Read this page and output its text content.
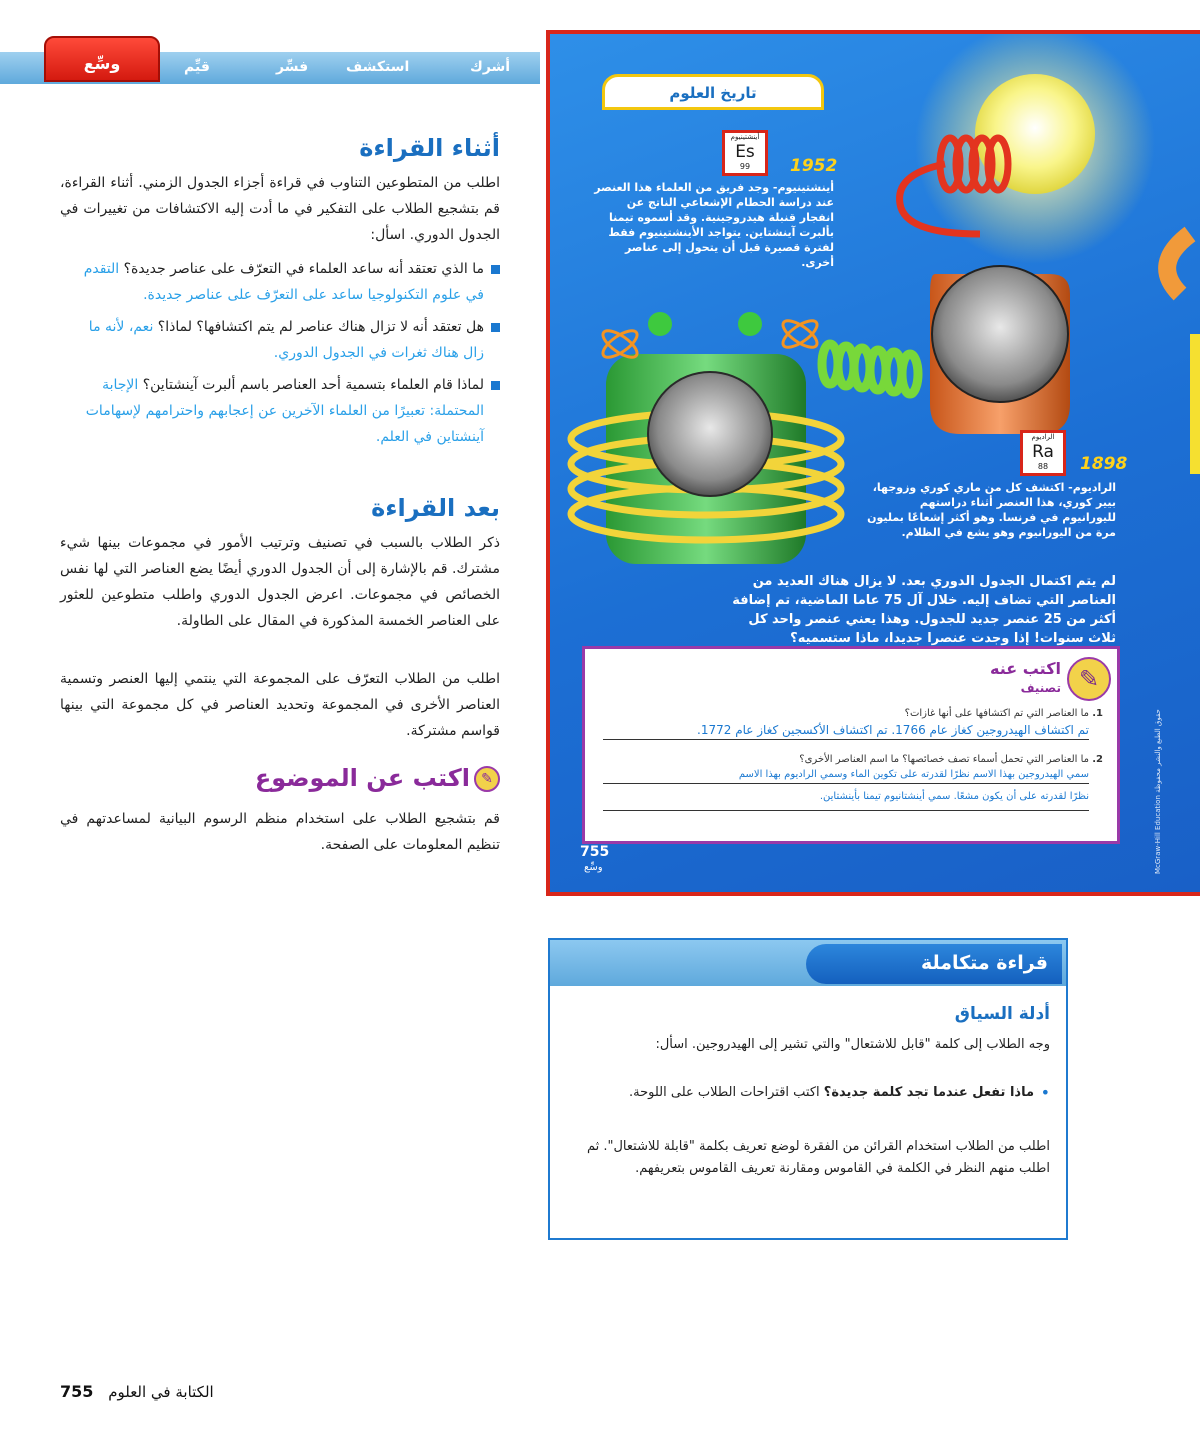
أشرك
استكشف
فسِّر
قيِّم
وسِّع
أثناء القراءة
اطلب من المتطوعين التناوب في قراءة أجزاء الجدول الزمني. أثناء القراءة، قم بتشجيع الطلاب على التفكير في ما أدت إليه الاكتشافات من تغييرات في الجدول الدوري. اسأل:
ما الذي تعتقد أنه ساعد العلماء في التعرّف على عناصر جديدة؟ التقدم في علوم التكنولوجيا ساعد على التعرّف على عناصر جديدة.
هل تعتقد أنه لا تزال هناك عناصر لم يتم اكتشافها؟ لماذا؟ نعم، لأنه ما زال هناك ثغرات في الجدول الدوري.
لماذا قام العلماء بتسمية أحد العناصر باسم ألبرت آينشتاين؟ الإجابة المحتملة: تعبيرًا من العلماء الآخرين عن إعجابهم واحترامهم لإسهامات آينشتاين في العلم.
بعد القراءة
ذكر الطلاب بالسبب في تصنيف وترتيب الأمور في مجموعات بينها شيء مشترك. قم بالإشارة إلى أن الجدول الدوري أيضًا يضع العناصر التي لها نفس الخصائص في مجموعات. اعرض الجدول الدوري واطلب متطوعين للعثور على العناصر الخمسة المذكورة في المقال على الطاولة.
اطلب من الطلاب التعرّف على المجموعة التي ينتمي إليها العنصر وتسمية العناصر الأخرى في المجموعة وتحديد العناصر في كل مجموعة التي بينها قواسم مشتركة.
✎اكتب عن الموضوع
قم بتشجيع الطلاب على استخدام منظم الرسوم البيانية لمساعدتهم في تنظيم المعلومات على الصفحة.
تاريخ العلوم
أينشتينيوم
Es
99	1952
أينشتينيوم- وجد فريق من العلماء هذا العنصر عند دراسة الحطام الإشعاعي الناتج عن انفجار قنبلة هيدروجينية. وقد أسموه تيمنا بألبرت آينشتاين. يتواجد الأينشتينيوم فقط لفترة قصيرة قبل أن يتحول إلى عناصر أخرى.
الراديوم
Ra
88	1898
الراديوم- اكتشف كل من ماري كوري وزوجها، بيير كوري، هذا العنصر أثناء دراستهم لليورانيوم في فرنسا. وهو أكثر إشعاعًا بمليون مرة من اليورانيوم وهو يشع في الظلام.
لم يتم اكتمال الجدول الدوري بعد. لا يزال هناك العديد من العناصر التي تضاف إليه. خلال آل 75 عاما الماضية، تم إضافة أكثر من 25 عنصر جديد للجدول. وهذا يعني عنصر واحد كل ثلاث سنوات! إذا وجدت عنصرا جديدا، ماذا ستسميه؟
✎
اكتب عنه
تصنيف
1. ما العناصر التي تم اكتشافها على أنها غازات؟
تم اكتشاف الهيدروجين كغاز عام 1766. تم اكتشاف الأكسجين كغاز عام 1772.
2. ما العناصر التي تحمل أسماء تصف خصائصها؟ ما اسم العناصر الأخرى؟
سمي الهيدروجين بهذا الاسم نظرًا لقدرته على تكوين الماء وسمي الراديوم بهذا الاسم
نظرًا لقدرته على أن يكون مشعًا. سمي أينشتانيوم تيمنا بأينشتاين.
755
وسِّع	McGraw-Hill Education حقوق الطبع والنشر محفوظة
قراءة متكاملة
أدلة السياق
وجه الطلاب إلى كلمة "قابل للاشتعال" والتي تشير إلى الهيدروجين. اسأل:
•
ماذا تفعل عندما تجد كلمة جديدة؟ اكتب اقتراحات الطلاب على اللوحة.
اطلب من الطلاب استخدام القرائن من الفقرة لوضع تعريف بكلمة "قابلة للاشتعال". ثم اطلب منهم النظر في الكلمة في القاموس ومقارنة تعريف القاموس بتعريفهم.
الكتابة في العلوم 755
